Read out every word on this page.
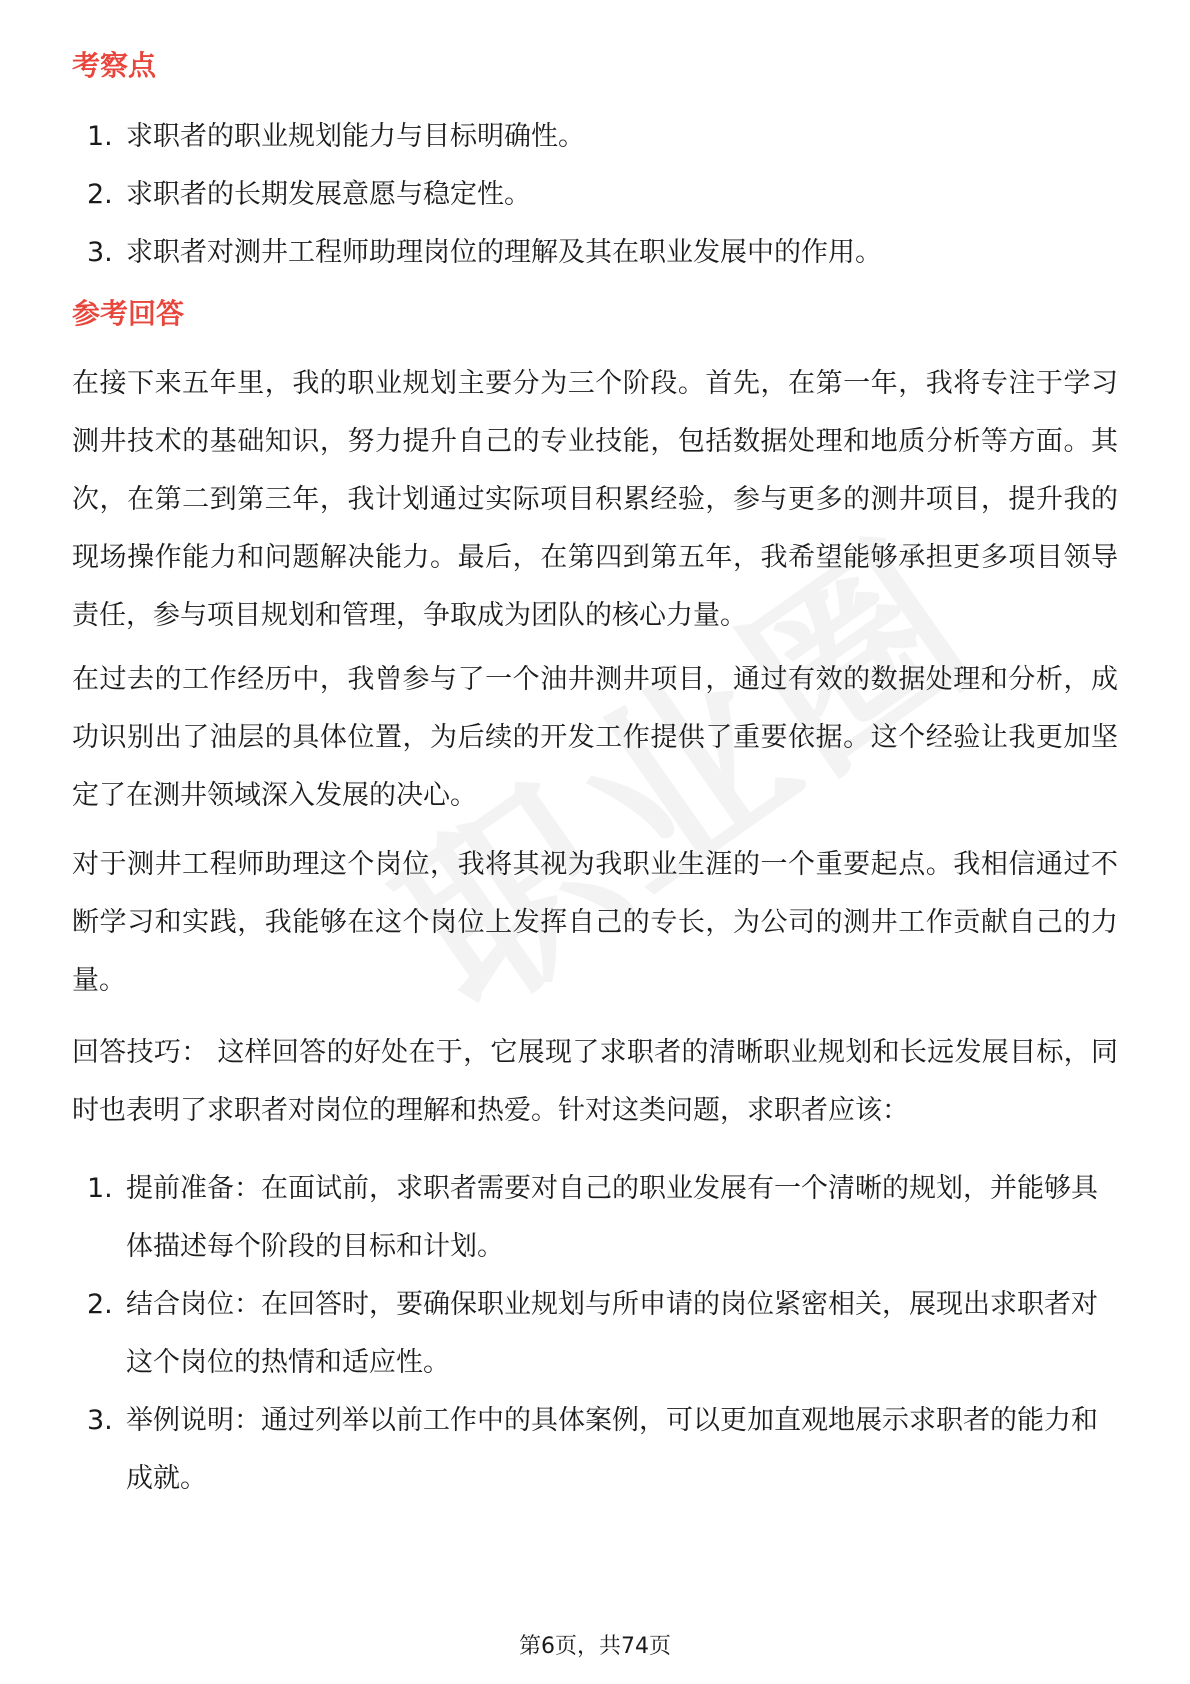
考察点
1. 求职者的职业规划能力与目标明确性。
2. 求职者的长期发展意愿与稳定性。
3. 求职者对测井工程师助理岗位的理解及其在职业发展中的作用。
参考回答

在接下来五年里，我的职业规划主要分为三个阶段。首先，在第一年，我将专注于学习测井技术的基础知识，努力提升自己的专业技能，包括数据处理和地质分析等方面。其次，在第二到第三年，我计划通过实际项目积累经验，参与更多的测井项目，提升我的现场操作能力和问题解决能力。最后，在第四到第五年，我希望能够承担更多项目领导责任，参与项目规划和管理，争取成为团队的核心力量。

在过去的工作经历中，我曾参与了一个油井测井项目，通过有效的数据处理和分析，成功识别出了油层的具体位置，为后续的开发工作提供了重要依据。这个经验让我更加坚定了在测井领域深入发展的决心。

对于测井工程师助理这个岗位，我将其视为我职业生涯的一个重要起点。我相信通过不断学习和实践，我能够在这个岗位上发挥自己的专长，为公司的测井工作贡献自己的力量。

回答技巧： 这样回答的好处在于，它展现了求职者的清晰职业规划和长远发展目标，同时也表明了求职者对岗位的理解和热爱。针对这类问题，求职者应该：

1. 提前准备：在面试前，求职者需要对自己的职业发展有一个清晰的规划，并能够具体描述每个阶段的目标和计划。
2. 结合岗位：在回答时，要确保职业规划与所申请的岗位紧密相关，展现出求职者对这个岗位的热情和适应性。
3. 举例说明：通过列举以前工作中的具体案例，可以更加直观地展示求职者的能力和成就。
第6页，共74页
